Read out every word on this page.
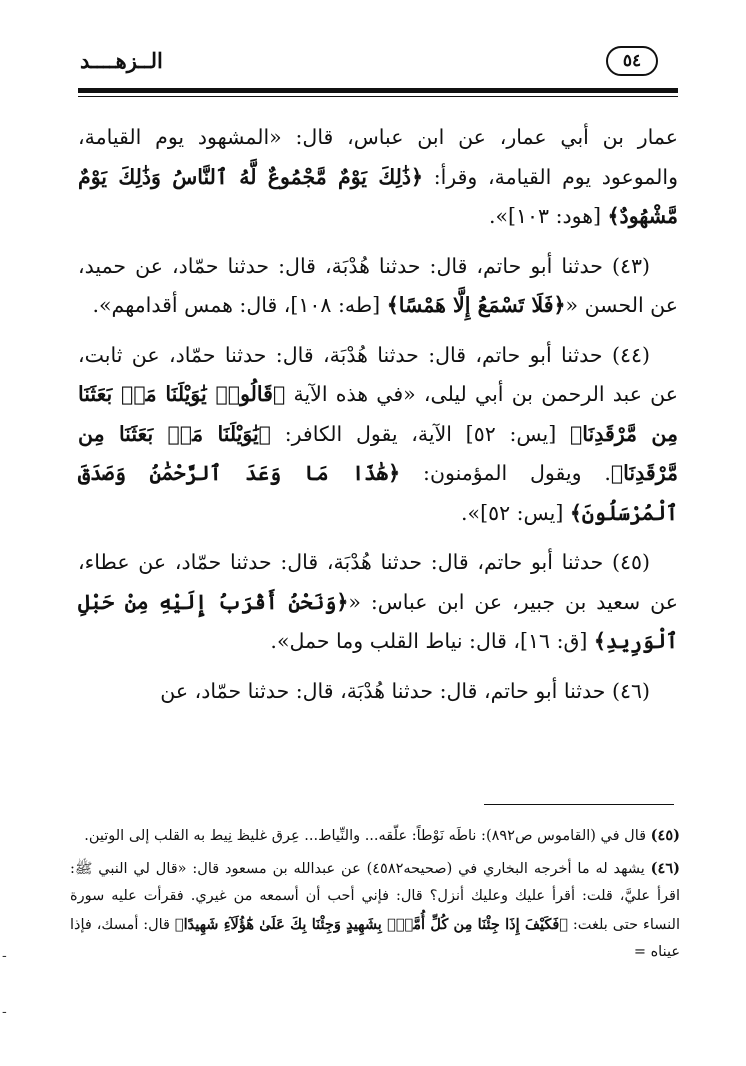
الــزهــــد	٥٤

عمار بن أبي عمار، عن ابن عباس، قال: «المشهود يوم القيامة، والموعود يوم القيامة، وقرأ: ﴿ذَٰلِكَ يَوْمٌ مَّجْمُوعٌ لَّهُ ٱلنَّاسُ وَذَٰلِكَ يَوْمٌ مَّشْهُودٌ﴾ [هود: ١٠٣]».

(٤٣) حدثنا أبو حاتم، قال: حدثنا هُدْبَة، قال: حدثنا حمّاد، عن حميد، عن الحسن «﴿فَلَا تَسْمَعُ إِلَّا هَمْسًا﴾ [طه: ١٠٨]، قال: همس أقدامهم».

(٤٤) حدثنا أبو حاتم، قال: حدثنا هُدْبَة، قال: حدثنا حمّاد، عن ثابت، عن عبد الرحمن بن أبي ليلى، «في هذه الآية ﴿قَالُوا۟ يَٰوَيْلَنَا مَنۢ بَعَثَنَا مِن مَّرْقَدِنَا﴾ [يس: ٥٢] الآية، يقول الكافر: ﴿يَٰوَيْلَنَا مَنۢ بَعَثَنَا مِن مَّرْقَدِنَا﴾. ويقول المؤمنون: ﴿هَٰذَا مَا وَعَدَ ٱلرَّحْمَٰنُ وَصَدَقَ ٱلْمُرْسَلُونَ﴾ [يس: ٥٢]».

(٤٥) حدثنا أبو حاتم، قال: حدثنا هُدْبَة، قال: حدثنا حمّاد، عن عطاء، عن سعيد بن جبير، عن ابن عباس: «﴿وَنَحْنُ أَقْرَبُ إِلَيْهِ مِنْ حَبْلِ ٱلْوَرِيدِ﴾ [ق: ١٦]، قال: نياط القلب وما حمل».

(٤٦) حدثنا أبو حاتم، قال: حدثنا هُدْبَة، قال: حدثنا حمّاد، عن

(٤٥) قال في (القاموس ص٨٩٢): ناطَه نَوْطاً: علّقه... والنِّياط... عِرق غليظ نِيط به القلب إلى الوتين.

(٤٦) يشهد له ما أخرجه البخاري في (صحيحه٤٥٨٢) عن عبدالله بن مسعود قال: «قال لي النبي ﷺ: اقرأ عليَّ، قلت: أقرأ عليك وعليك أنزل؟ قال: فإني أحب أن أسمعه من غيري. فقرأت عليه سورة النساء حتى بلغت: ﴿فَكَيْفَ إِذَا جِئْنَا مِن كُلِّ أُمَّةٍۭ بِشَهِيدٍ وَجِئْنَا بِكَ عَلَىٰ هَٰٓؤُلَآءِ شَهِيدًا﴾ قال: أمسك، فإذا عيناه =

-
-
